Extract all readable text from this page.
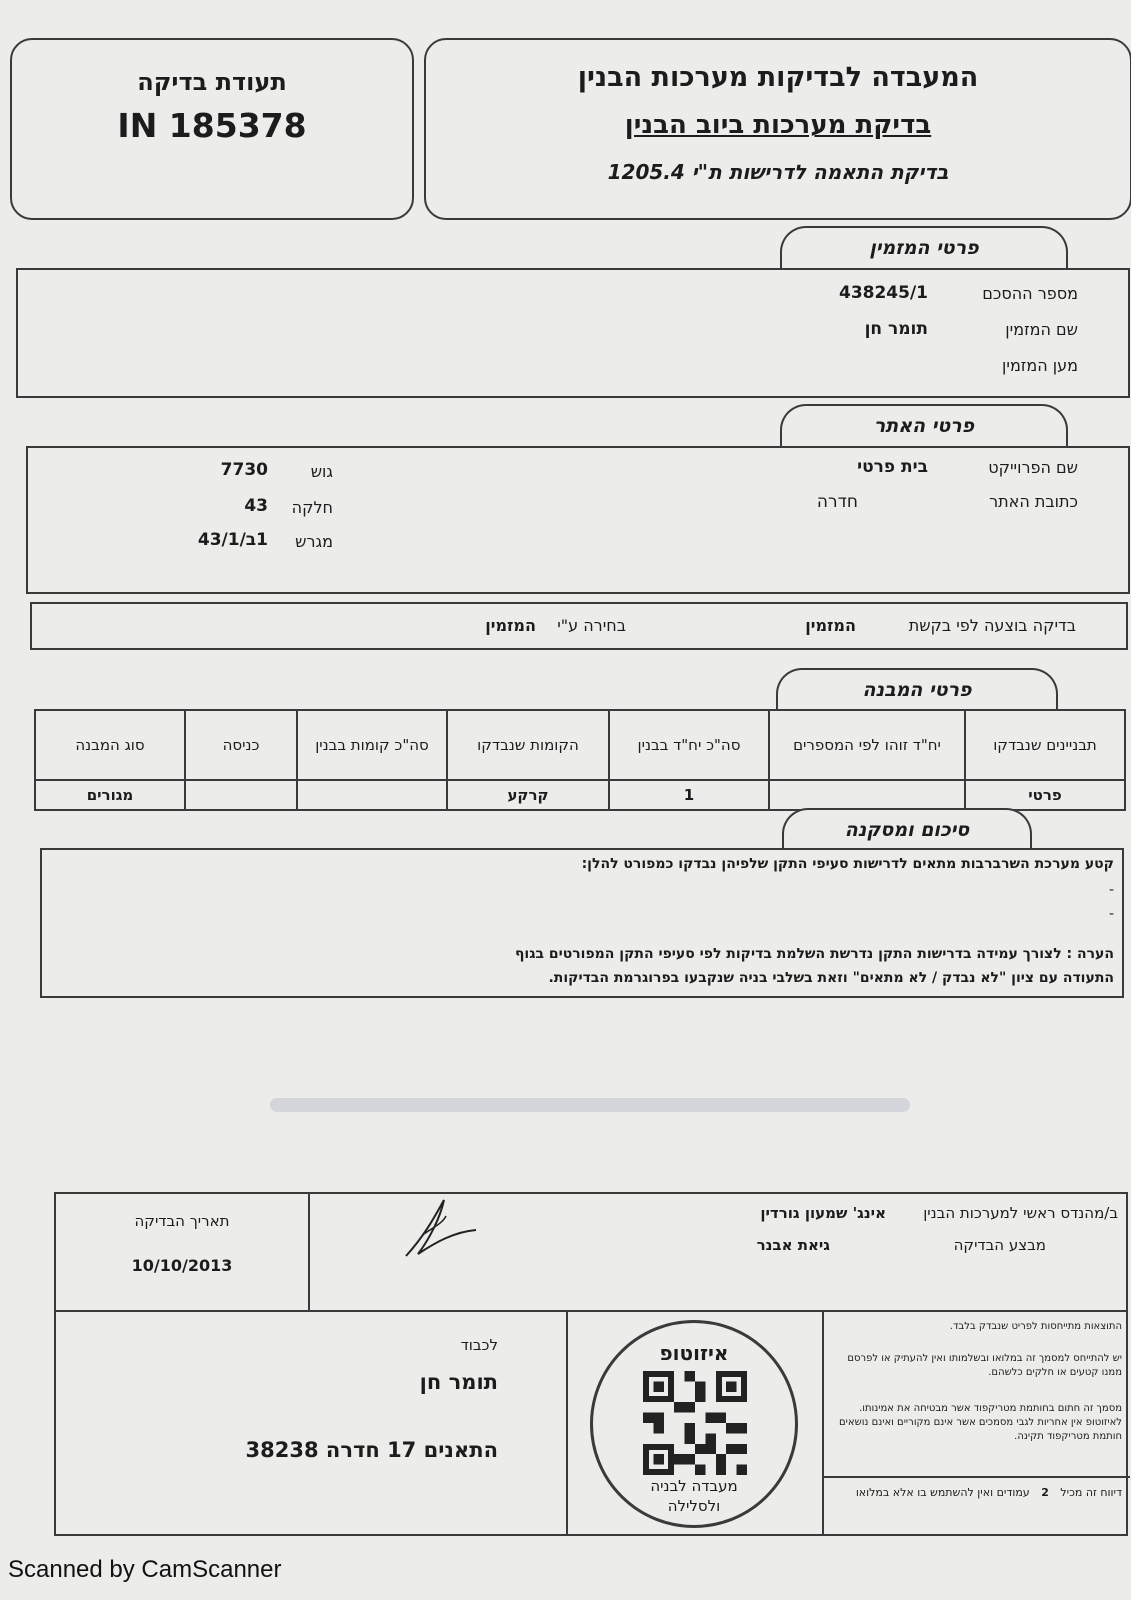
תעודת בדיקה
IN 185378
המעבדה לבדיקות מערכות הבנין
בדיקת מערכות ביוב הבנין
בדיקת התאמה לדרישות ת"י 1205.4
פרטי המזמין
מספר ההסכם
438245/1
שם המזמין
תומר חן
מען המזמין
פרטי האתר
שם הפרוייקט
בית פרטי
כתובת האתר
חדרה
גוש
7730
חלקה
43
מגרש
1ב/43/1
בדיקה בוצעה לפי בקשת
המזמין
בחירה ע"י
המזמין
פרטי המבנה
תבניינים שנבדקו	יח"ד זוהו לפי המספרים	סה"כ יח"ד בבנין	הקומות שנבדקו	סה"כ קומות בבנין	כניסה	סוג המבנה
פרטי		1	קרקע			מגורים
סיכום ומסקנה
קטע מערכת השרברבות מתאים לדרישות סעיפי התקן שלפיהן נבדקו כמפורט להלן:
-
-
הערה : לצורך עמידה בדרישות התקן נדרשת השלמת בדיקות לפי סעיפי התקן המפורטים בגוף
התעודה עם ציון "לא נבדק / לא מתאים" וזאת בשלבי בניה שנקבעו בפרוגרמת הבדיקות.
ב/מהנדס ראשי למערכות הבנין
אינג' שמעון גורדין
מבצע הבדיקה
גיאת אבנר
תאריך הבדיקה
10/10/2013
לכבוד
תומר חן
התאנים 17 חדרה 38238
איזוטופ
מעבדה לבניה
ולסלילה
התוצאות מתייחסות לפריט שנבדק בלבד.
יש להתייחס למסמך זה במלואו ובשלמותו ואין להעתיק או לפרסם ממנו קטעים או חלקים כלשהם.
מסמך זה חתום בחותמת מטריקפוד אשר מבטיחה את אמינותו. לאיזוטופ אין אחריות לגבי מסמכים אשר אינם מקוריים ואינם נושאים חותמת מטריקפוד תקינה.
דיווח זה מכיל 2 עמודים ואין להשתמש בו אלא במלואו
Scanned by CamScanner
